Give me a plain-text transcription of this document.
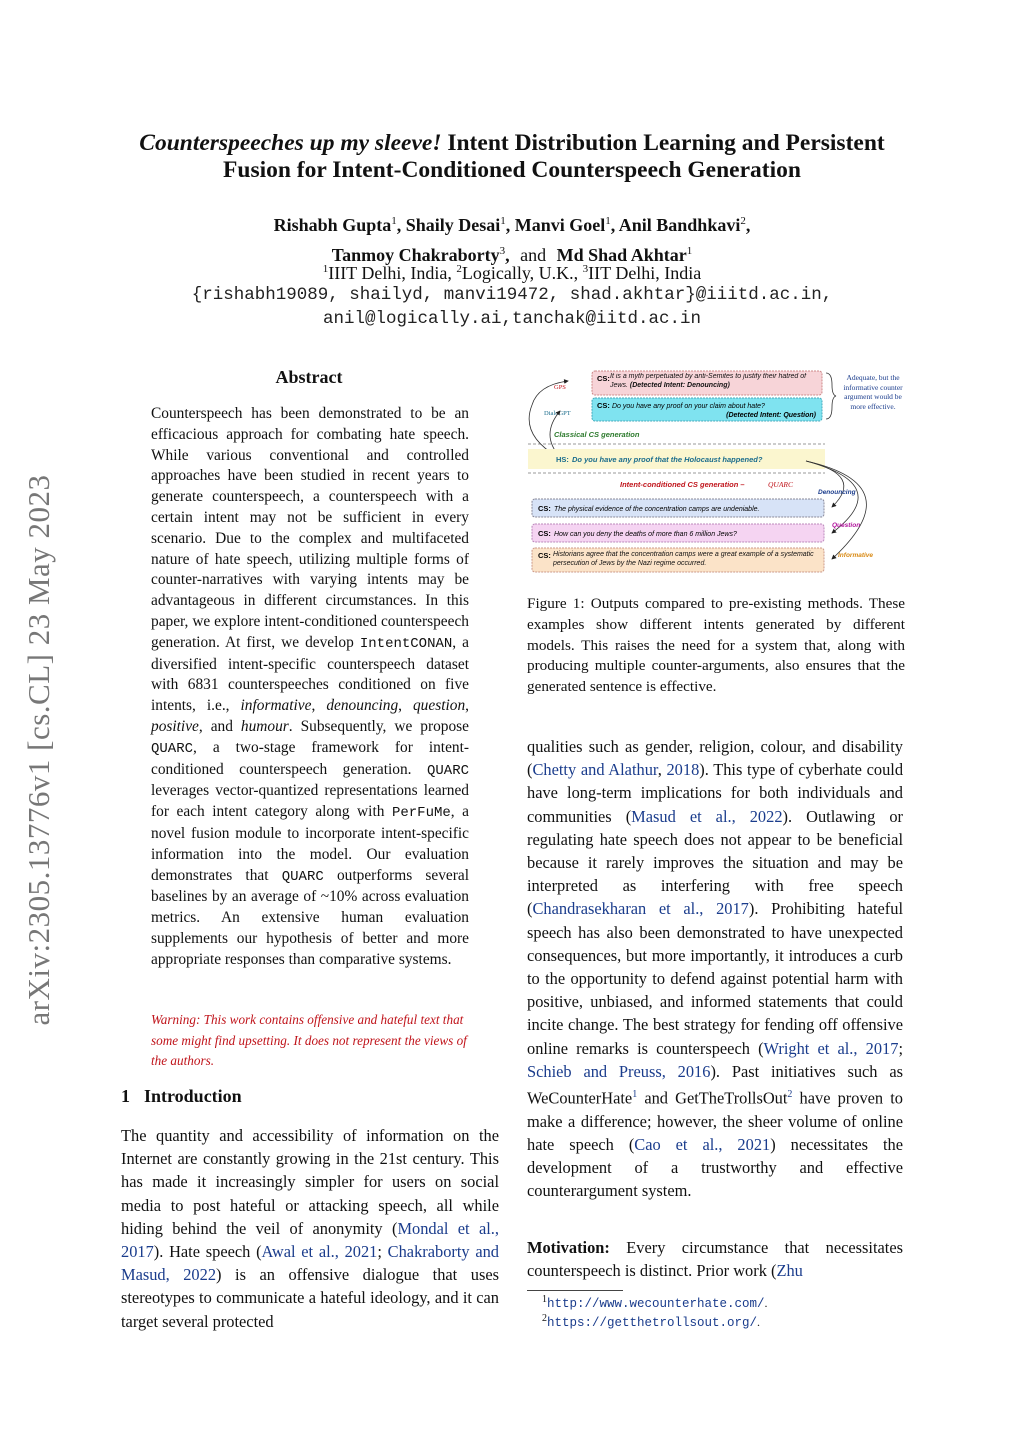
arXiv:2305.13776v1 [cs.CL] 23 May 2023
Counterspeeches up my sleeve! Intent Distribution Learning and Persistent
Fusion for Intent-Conditioned Counterspeech Generation
Rishabh Gupta$^1$, Shaily Desai$^1$, Manvi Goel$^1$, Anil Bandhkavi$^2$,
Tanmoy Chakraborty$^3$, and Md Shad Akhtar$^1$
$^1$IIIT Delhi, India, $^2$Logically, U.K., $^3$IIT Delhi, India
{rishabh19089, shailyd, manvi19472, shad.akhtar}@iiitd.ac.in,
anil@logically.ai,tanchak@iitd.ac.in
Abstract
Counterspeech has been demonstrated to be an efficacious approach for combating hate speech. While various conventional and controlled approaches have been studied in recent years to generate counterspeech, a counterspeech with a certain intent may not be sufficient in every scenario. Due to the complex and multifaceted nature of hate speech, utilizing multiple forms of counter-narratives with varying intents may be advantageous in different circumstances. In this paper, we explore intent-conditioned counterspeech generation. At first, we develop IntentCONAN, a diversified intent-specific counterspeech dataset with 6831 counterspeeches conditioned on five intents, i.e., informative, denouncing, question, positive, and humour. Subsequently, we propose QUARC, a two-stage framework for intent-conditioned counterspeech generation. QUARC leverages vector-quantized representations learned for each intent category along with PerFuMe, a novel fusion module to incorporate intent-specific information into the model. Our evaluation demonstrates that QUARC outperforms several baselines by an average of ~10% across evaluation metrics. An extensive human evaluation supplements our hypothesis of better and more appropriate responses than comparative systems.
Warning: This work contains offensive and hateful text that some might find upsetting. It does not represent the views of the authors.
1 Introduction
The quantity and accessibility of information on the Internet are constantly growing in the 21st century. This has made it increasingly simpler for users on social media to post hateful or attacking speech, all while hiding behind the veil of anonymity (Mondal et al., 2017). Hate speech (Awal et al., 2021; Chakraborty and Masud, 2022) is an offensive dialogue that uses stereotypes to communicate a hateful ideology, and it can target several protected
CS: It is a myth perpetuated by anti-Semites to justify their hatred of Jews. (Detected Intent: Denouncing)
CS: Do you have any proof on your claim about hate?
(Detected Intent: Question)
GPS
DialoGPT
Adequate, but the informative counter argument would be more effective.
Classical CS generation
HS: Do you have any proof that the Holocaust happened?
Intent-conditioned CS generation –	QUARC
CS: The physical evidence of the concentration camps are undeniable.
CS: How can you deny the deaths of more than 6 million Jews?
CS: Historians agree that the concentration camps were a great example of a systematic persecution of Jews by the Nazi regime occurred.
Denouncing
Question
Informative
Figure 1: Outputs compared to pre-existing methods. These examples show different intents generated by different models. This raises the need for a system that, along with producing multiple counter-arguments, also ensures that the generated sentence is effective.
qualities such as gender, religion, colour, and disability (Chetty and Alathur, 2018). This type of cyberhate could have long-term implications for both individuals and communities (Masud et al., 2022). Outlawing or regulating hate speech does not appear to be beneficial because it rarely improves the situation and may be interpreted as interfering with free speech (Chandrasekharan et al., 2017). Prohibiting hateful speech has also been demonstrated to have unexpected consequences, but more importantly, it introduces a curb to the opportunity to defend against potential harm with positive, unbiased, and informed statements that could incite change. The best strategy for fending off offensive online remarks is counterspeech (Wright et al., 2017; Schieb and Preuss, 2016). Past initiatives such as WeCounterHate$^1$ and GetTheTrollsOut$^2$ have proven to make a difference; however, the sheer volume of online hate speech (Cao et al., 2021) necessitates the development of a trustworthy and effective counterargument system.
Motivation: Every circumstance that necessitates counterspeech is distinct. Prior work (Zhu
$^1$http://www.wecounterhate.com/.
$^2$https://getthetrollsout.org/.
